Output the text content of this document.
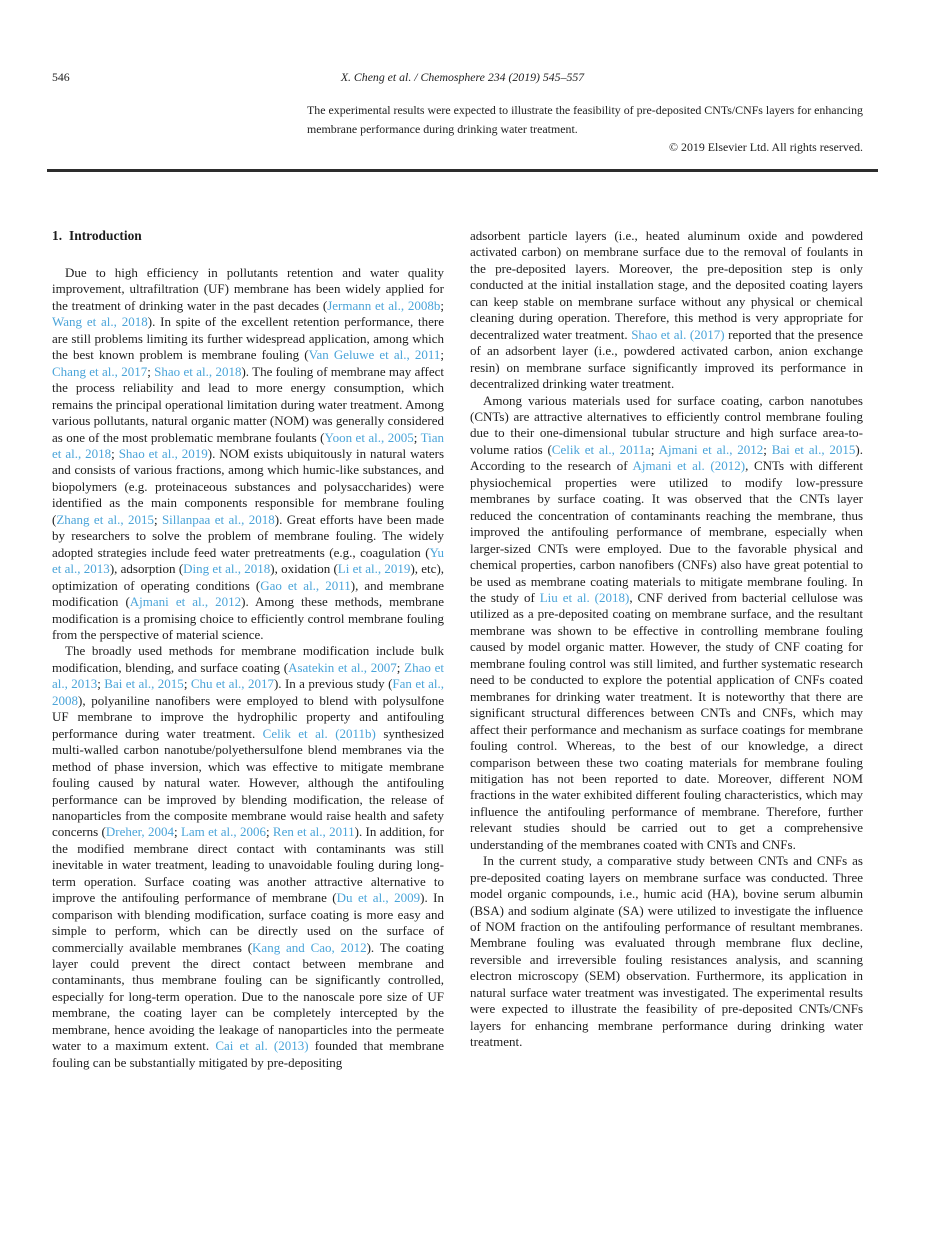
546	X. Cheng et al. / Chemosphere 234 (2019) 545–557

The experimental results were expected to illustrate the feasibility of pre-deposited CNTs/CNFs layers for enhancing membrane performance during drinking water treatment.

© 2019 Elsevier Ltd. All rights reserved.

1. Introduction

Due to high efficiency in pollutants retention and water quality improvement, ultrafiltration (UF) membrane has been widely applied for the treatment of drinking water in the past decades (Jermann et al., 2008b; Wang et al., 2018). In spite of the excellent retention performance, there are still problems limiting its further widespread application, among which the best known problem is membrane fouling (Van Geluwe et al., 2011; Chang et al., 2017; Shao et al., 2018). The fouling of membrane may affect the process reliability and lead to more energy consumption, which remains the principal operational limitation during water treatment. Among various pollutants, natural organic matter (NOM) was generally considered as one of the most problematic membrane foulants (Yoon et al., 2005; Tian et al., 2018; Shao et al., 2019). NOM exists ubiquitously in natural waters and consists of various fractions, among which humic-like substances, and biopolymers (e.g. proteinaceous substances and polysaccharides) were identified as the main components responsible for membrane fouling (Zhang et al., 2015; Sillanpaa et al., 2018). Great efforts have been made by researchers to solve the problem of membrane fouling. The widely adopted strategies include feed water pretreatments (e.g., coagulation (Yu et al., 2013), adsorption (Ding et al., 2018), oxidation (Li et al., 2019), etc), optimization of operating conditions (Gao et al., 2011), and membrane modification (Ajmani et al., 2012). Among these methods, membrane modification is a promising choice to efficiently control membrane fouling from the perspective of material science.

The broadly used methods for membrane modification include bulk modification, blending, and surface coating (Asatekin et al., 2007; Zhao et al., 2013; Bai et al., 2015; Chu et al., 2017). In a previous study (Fan et al., 2008), polyaniline nanofibers were employed to blend with polysulfone UF membrane to improve the hydrophilic property and antifouling performance during water treatment. Celik et al. (2011b) synthesized multi-walled carbon nanotube/polyethersulfone blend membranes via the method of phase inversion, which was effective to mitigate membrane fouling caused by natural water. However, although the antifouling performance can be improved by blending modification, the release of nanoparticles from the composite membrane would raise health and safety concerns (Dreher, 2004; Lam et al., 2006; Ren et al., 2011). In addition, for the modified membrane direct contact with contaminants was still inevitable in water treatment, leading to unavoidable fouling during long-term operation. Surface coating was another attractive alternative to improve the antifouling performance of membrane (Du et al., 2009). In comparison with blending modification, surface coating is more easy and simple to perform, which can be directly used on the surface of commercially available membranes (Kang and Cao, 2012). The coating layer could prevent the direct contact between membrane and contaminants, thus membrane fouling can be significantly controlled, especially for long-term operation. Due to the nanoscale pore size of UF membrane, the coating layer can be completely intercepted by the membrane, hence avoiding the leakage of nanoparticles into the permeate water to a maximum extent. Cai et al. (2013) founded that membrane fouling can be substantially mitigated by pre-depositing

adsorbent particle layers (i.e., heated aluminum oxide and powdered activated carbon) on membrane surface due to the removal of foulants in the pre-deposited layers. Moreover, the pre-deposition step is only conducted at the initial installation stage, and the deposited coating layers can keep stable on membrane surface without any physical or chemical cleaning during operation. Therefore, this method is very appropriate for decentralized water treatment. Shao et al. (2017) reported that the presence of an adsorbent layer (i.e., powdered activated carbon, anion exchange resin) on membrane surface significantly improved its performance in decentralized drinking water treatment.

Among various materials used for surface coating, carbon nanotubes (CNTs) are attractive alternatives to efficiently control membrane fouling due to their one-dimensional tubular structure and high surface area-to-volume ratios (Celik et al., 2011a; Ajmani et al., 2012; Bai et al., 2015). According to the research of Ajmani et al. (2012), CNTs with different physiochemical properties were utilized to modify low-pressure membranes by surface coating. It was observed that the CNTs layer reduced the concentration of contaminants reaching the membrane, thus improved the antifouling performance of membrane, especially when larger-sized CNTs were employed. Due to the favorable physical and chemical properties, carbon nanofibers (CNFs) also have great potential to be used as membrane coating materials to mitigate membrane fouling. In the study of Liu et al. (2018), CNF derived from bacterial cellulose was utilized as a pre-deposited coating on membrane surface, and the resultant membrane was shown to be effective in controlling membrane fouling caused by model organic matter. However, the study of CNF coating for membrane fouling control was still limited, and further systematic research need to be conducted to explore the potential application of CNFs coated membranes for drinking water treatment. It is noteworthy that there are significant structural differences between CNTs and CNFs, which may affect their performance and mechanism as surface coatings for membrane fouling control. Whereas, to the best of our knowledge, a direct comparison between these two coating materials for membrane fouling mitigation has not been reported to date. Moreover, different NOM fractions in the water exhibited different fouling characteristics, which may influence the antifouling performance of membrane. Therefore, further relevant studies should be carried out to get a comprehensive understanding of the membranes coated with CNTs and CNFs.

In the current study, a comparative study between CNTs and CNFs as pre-deposited coating layers on membrane surface was conducted. Three model organic compounds, i.e., humic acid (HA), bovine serum albumin (BSA) and sodium alginate (SA) were utilized to investigate the influence of NOM fraction on the antifouling performance of resultant membranes. Membrane fouling was evaluated through membrane flux decline, reversible and irreversible fouling resistances analysis, and scanning electron microscopy (SEM) observation. Furthermore, its application in natural surface water treatment was investigated. The experimental results were expected to illustrate the feasibility of pre-deposited CNTs/CNFs layers for enhancing membrane performance during drinking water treatment.
